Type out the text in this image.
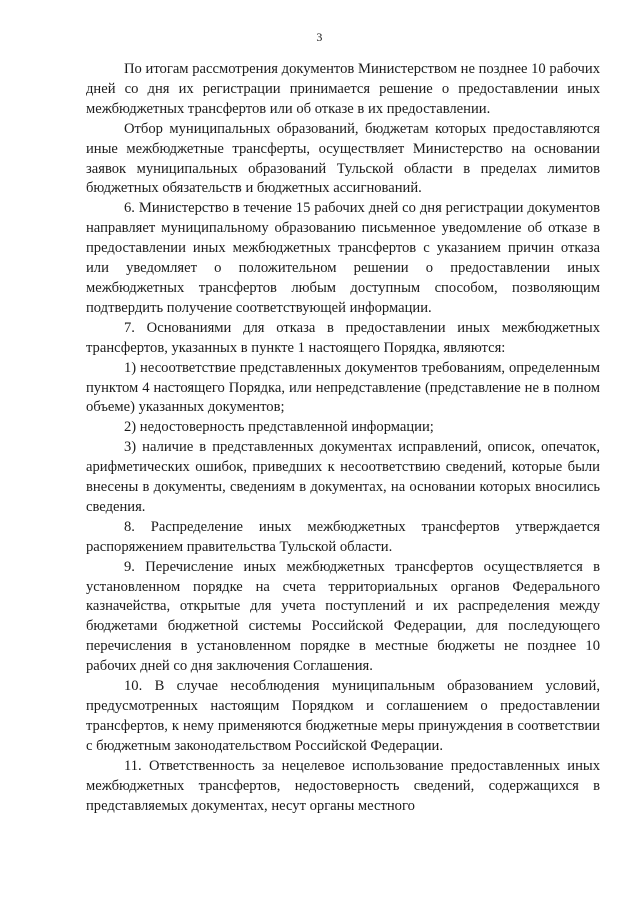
3

По итогам рассмотрения документов Министерством не позднее 10 рабочих дней со дня их регистрации принимается решение о предоставлении иных межбюджетных трансфертов или об отказе в их предоставлении.

Отбор муниципальных образований, бюджетам которых предоставляются иные межбюджетные трансферты, осуществляет Министерство на основании заявок муниципальных образований Тульской области в пределах лимитов бюджетных обязательств и бюджетных ассигнований.

6. Министерство в течение 15 рабочих дней со дня регистрации документов направляет муниципальному образованию письменное уведомление об отказе в предоставлении иных межбюджетных трансфертов с указанием причин отказа или уведомляет о положительном решении о предоставлении иных межбюджетных трансфертов любым доступным способом, позволяющим подтвердить получение соответствующей информации.

7. Основаниями для отказа в предоставлении иных межбюджетных трансфертов, указанных в пункте 1 настоящего Порядка, являются:

1) несоответствие представленных документов требованиям, определенным пунктом 4 настоящего Порядка, или непредставление (представление не в полном объеме) указанных документов;

2) недостоверность представленной информации;

3) наличие в представленных документах исправлений, описок, опечаток, арифметических ошибок, приведших к несоответствию сведений, которые были внесены в документы, сведениям в документах, на основании которых вносились сведения.

8. Распределение иных межбюджетных трансфертов утверждается распоряжением правительства Тульской области.

9. Перечисление иных межбюджетных трансфертов осуществляется в установленном порядке на счета территориальных органов Федерального казначейства, открытые для учета поступлений и их распределения между бюджетами бюджетной системы Российской Федерации, для последующего перечисления в установленном порядке в местные бюджеты не позднее 10 рабочих дней со дня заключения Соглашения.

10. В случае несоблюдения муниципальным образованием условий, предусмотренных настоящим Порядком и соглашением о предоставлении трансфертов, к нему применяются бюджетные меры принуждения в соответствии с бюджетным законодательством Российской Федерации.

11. Ответственность за нецелевое использование предоставленных иных межбюджетных трансфертов, недостоверность сведений, содержащихся в представляемых документах, несут органы местного
